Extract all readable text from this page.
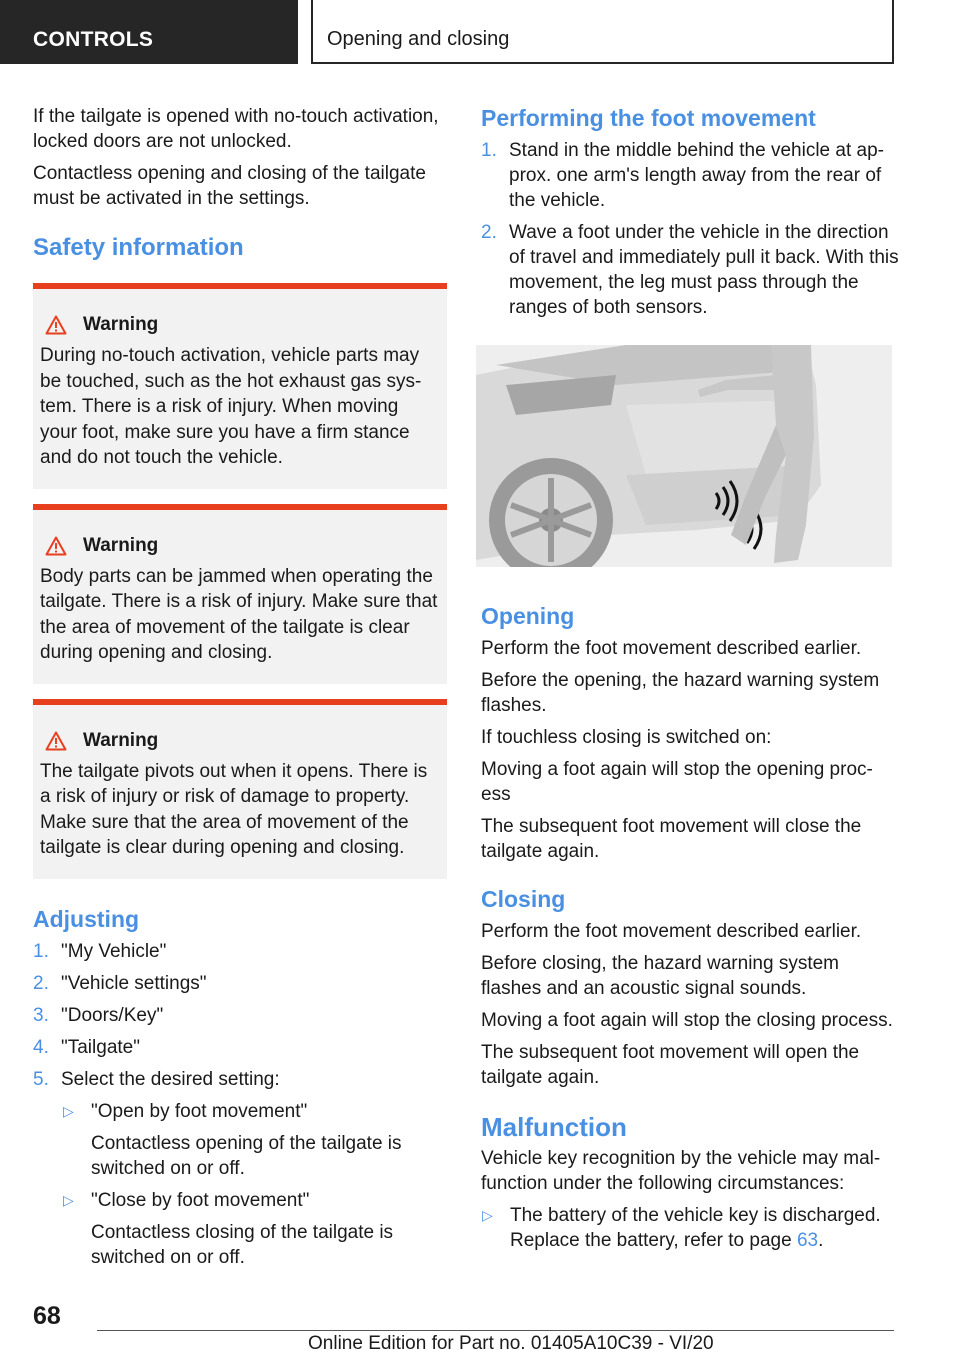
CONTROLS	Opening and closing

If the tailgate is opened with no-touch activation, locked doors are not unlocked.

Contactless opening and closing of the tailgate must be activated in the settings.

Safety information
Warning

During no-touch activation, vehicle parts may be touched, such as the hot exhaust gas sys-tem. There is a risk of injury. When moving your foot, make sure you have a firm stance and do not touch the vehicle.

Warning

Body parts can be jammed when operating the tailgate. There is a risk of injury. Make sure that the area of movement of the tailgate is clear during opening and closing.

Warning

The tailgate pivots out when it opens. There is a risk of injury or risk of damage to property. Make sure that the area of movement of the tailgate is clear during opening and closing.

Adjusting
1. "My Vehicle"
2. "Vehicle settings"
3. "Doors/Key"
4. "Tailgate"
5. Select the desired setting:
▷ "Open by foot movement"
Contactless opening of the tailgate is switched on or off.
▷ "Close by foot movement"
Contactless closing of the tailgate is switched on or off.
Performing the foot movement
1. Stand in the middle behind the vehicle at ap-prox. one arm's length away from the rear of the vehicle.
2. Wave a foot under the vehicle in the direction of travel and immediately pull it back. With this movement, the leg must pass through the ranges of both sensors.
Opening

Perform the foot movement described earlier.

Before the opening, the hazard warning system flashes.

If touchless closing is switched on:

Moving a foot again will stop the opening proc-ess

The subsequent foot movement will close the tailgate again.

Closing

Perform the foot movement described earlier.

Before closing, the hazard warning system flashes and an acoustic signal sounds.

Moving a foot again will stop the closing process.

The subsequent foot movement will open the tailgate again.

Malfunction

Vehicle key recognition by the vehicle may mal-function under the following circumstances:

▷ The battery of the vehicle key is discharged. Replace the battery, refer to page 63.
68
Online Edition for Part no. 01405A10C39 - VI/20
